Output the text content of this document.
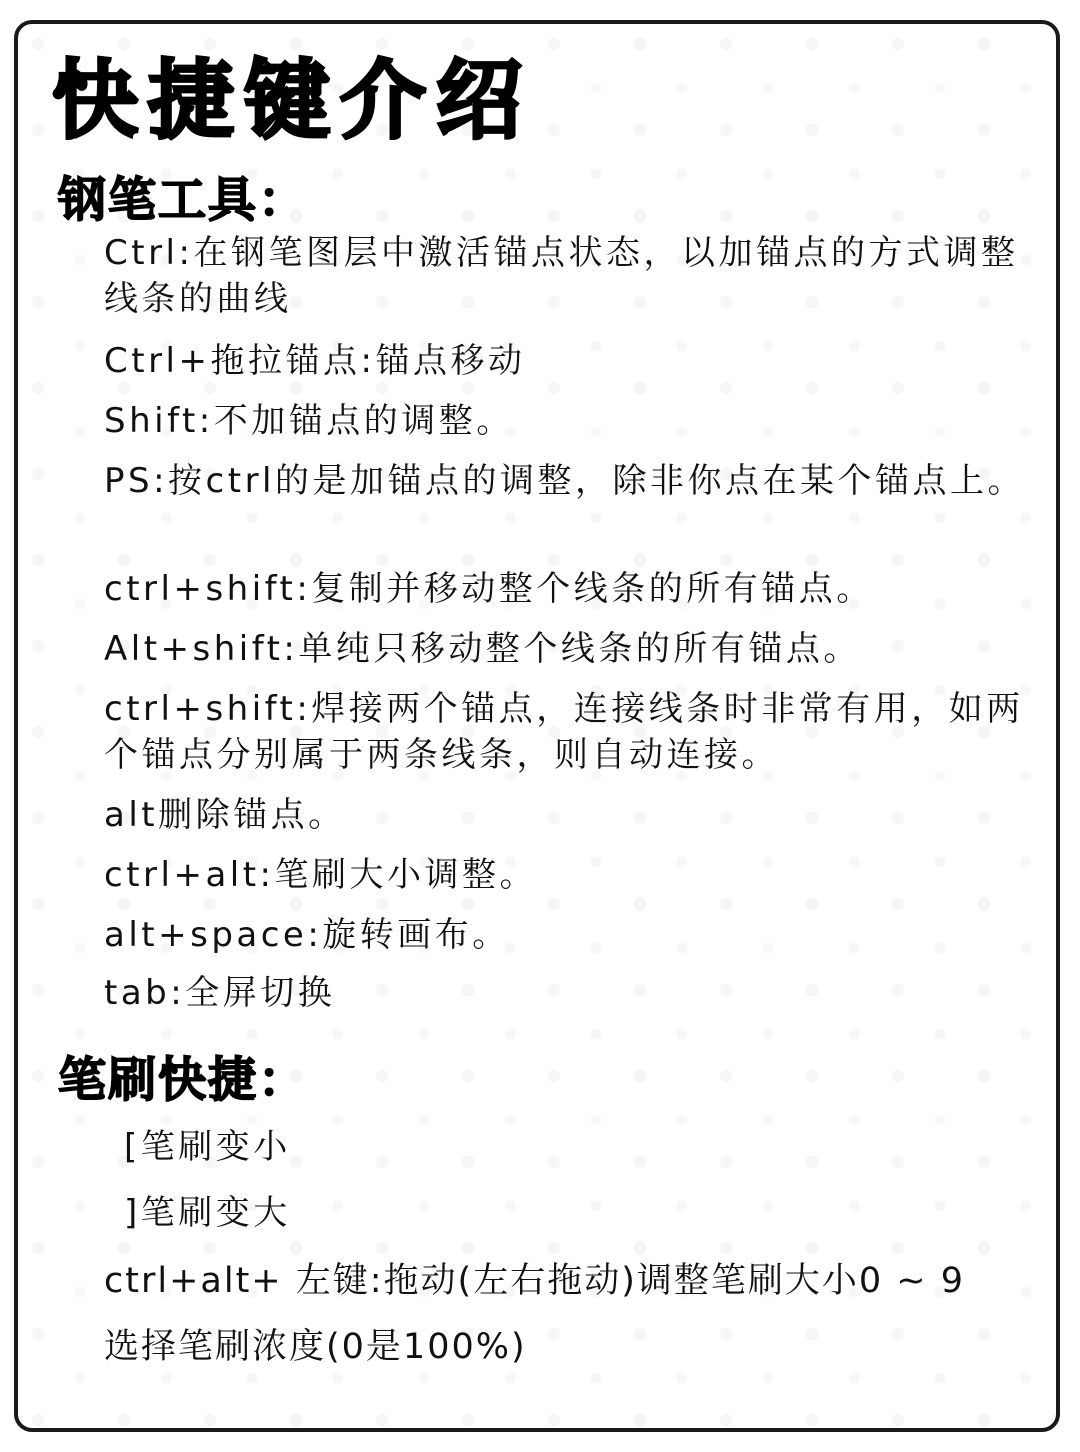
快捷键介绍
钢笔工具：

Ctrl:在钢笔图层中激活锚点状态，以加锚点的方式调整线条的曲线

Ctrl+拖拉锚点:锚点移动

Shift:不加锚点的调整。

PS:按ctrl的是加锚点的调整，除非你点在某个锚点上。

ctrl+shift:复制并移动整个线条的所有锚点。

Alt+shift:单纯只移动整个线条的所有锚点。

ctrl+shift:焊接两个锚点，连接线条时非常有用，如两个锚点分别属于两条线条，则自动连接。

alt删除锚点。

ctrl+alt:笔刷大小调整。

alt+space:旋转画布。

tab:全屏切换

笔刷快捷：

[笔刷变小

]笔刷变大

ctrl+alt+ 左键:拖动(左右拖动)调整笔刷大小0 ~ 9

选择笔刷浓度(0是100%)
